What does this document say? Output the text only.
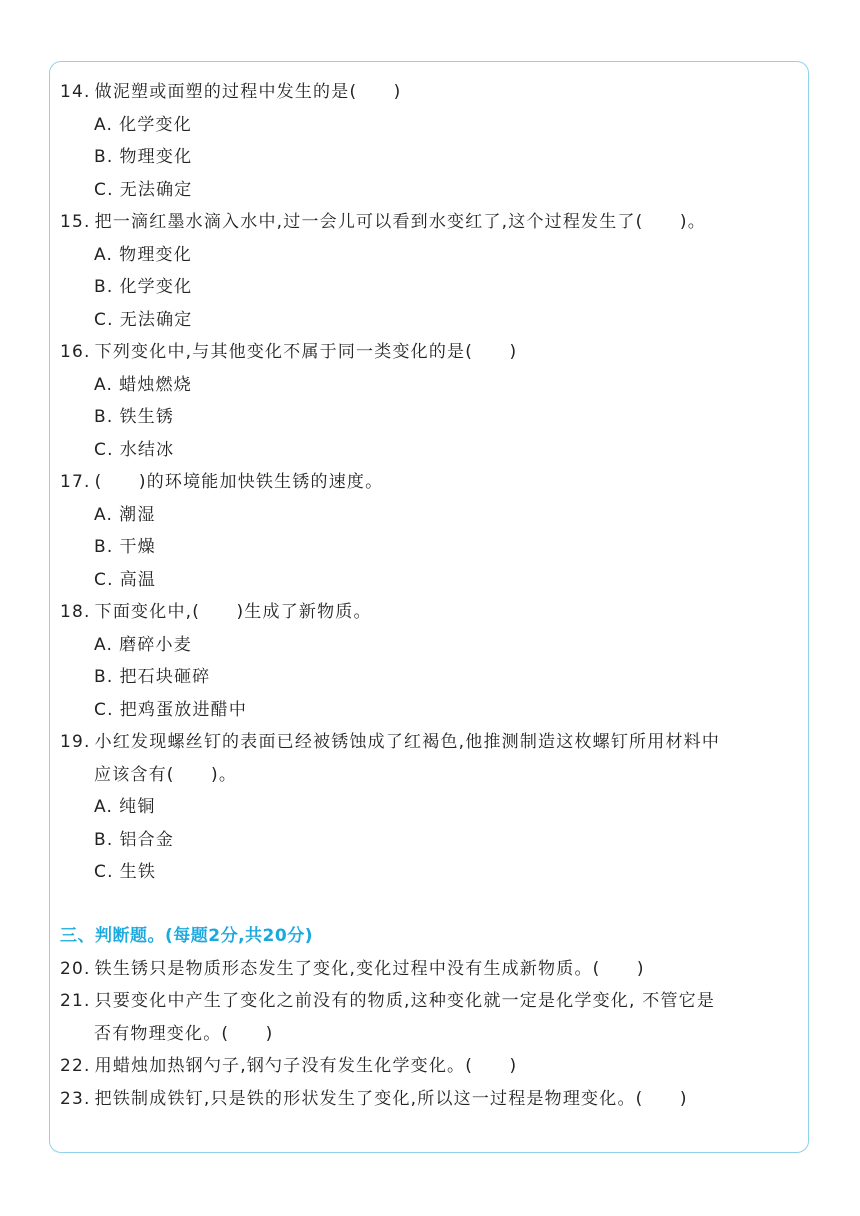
14. 做泥塑或面塑的过程中发生的是(　　)
A. 化学变化
B. 物理变化
C. 无法确定
15. 把一滴红墨水滴入水中,过一会儿可以看到水变红了,这个过程发生了(　　)。
A. 物理变化
B. 化学变化
C. 无法确定
16. 下列变化中,与其他变化不属于同一类变化的是(　　)
A. 蜡烛燃烧
B. 铁生锈
C. 水结冰
17. (　　)的环境能加快铁生锈的速度。
A. 潮湿
B. 干燥
C. 高温
18. 下面变化中,(　　)生成了新物质。
A. 磨碎小麦
B. 把石块砸碎
C. 把鸡蛋放进醋中
19. 小红发现螺丝钉的表面已经被锈蚀成了红褐色,他推测制造这枚螺钉所用材料中
应该含有(　　)。
A. 纯铜
B. 铝合金
C. 生铁
三、判断题。(每题2分,共20分)
20. 铁生锈只是物质形态发生了变化,变化过程中没有生成新物质。(　　)
21. 只要变化中产生了变化之前没有的物质,这种变化就一定是化学变化, 不管它是
否有物理变化。(　　)
22. 用蜡烛加热钢勺子,钢勺子没有发生化学变化。(　　)
23. 把铁制成铁钉,只是铁的形状发生了变化,所以这一过程是物理变化。(　　)
